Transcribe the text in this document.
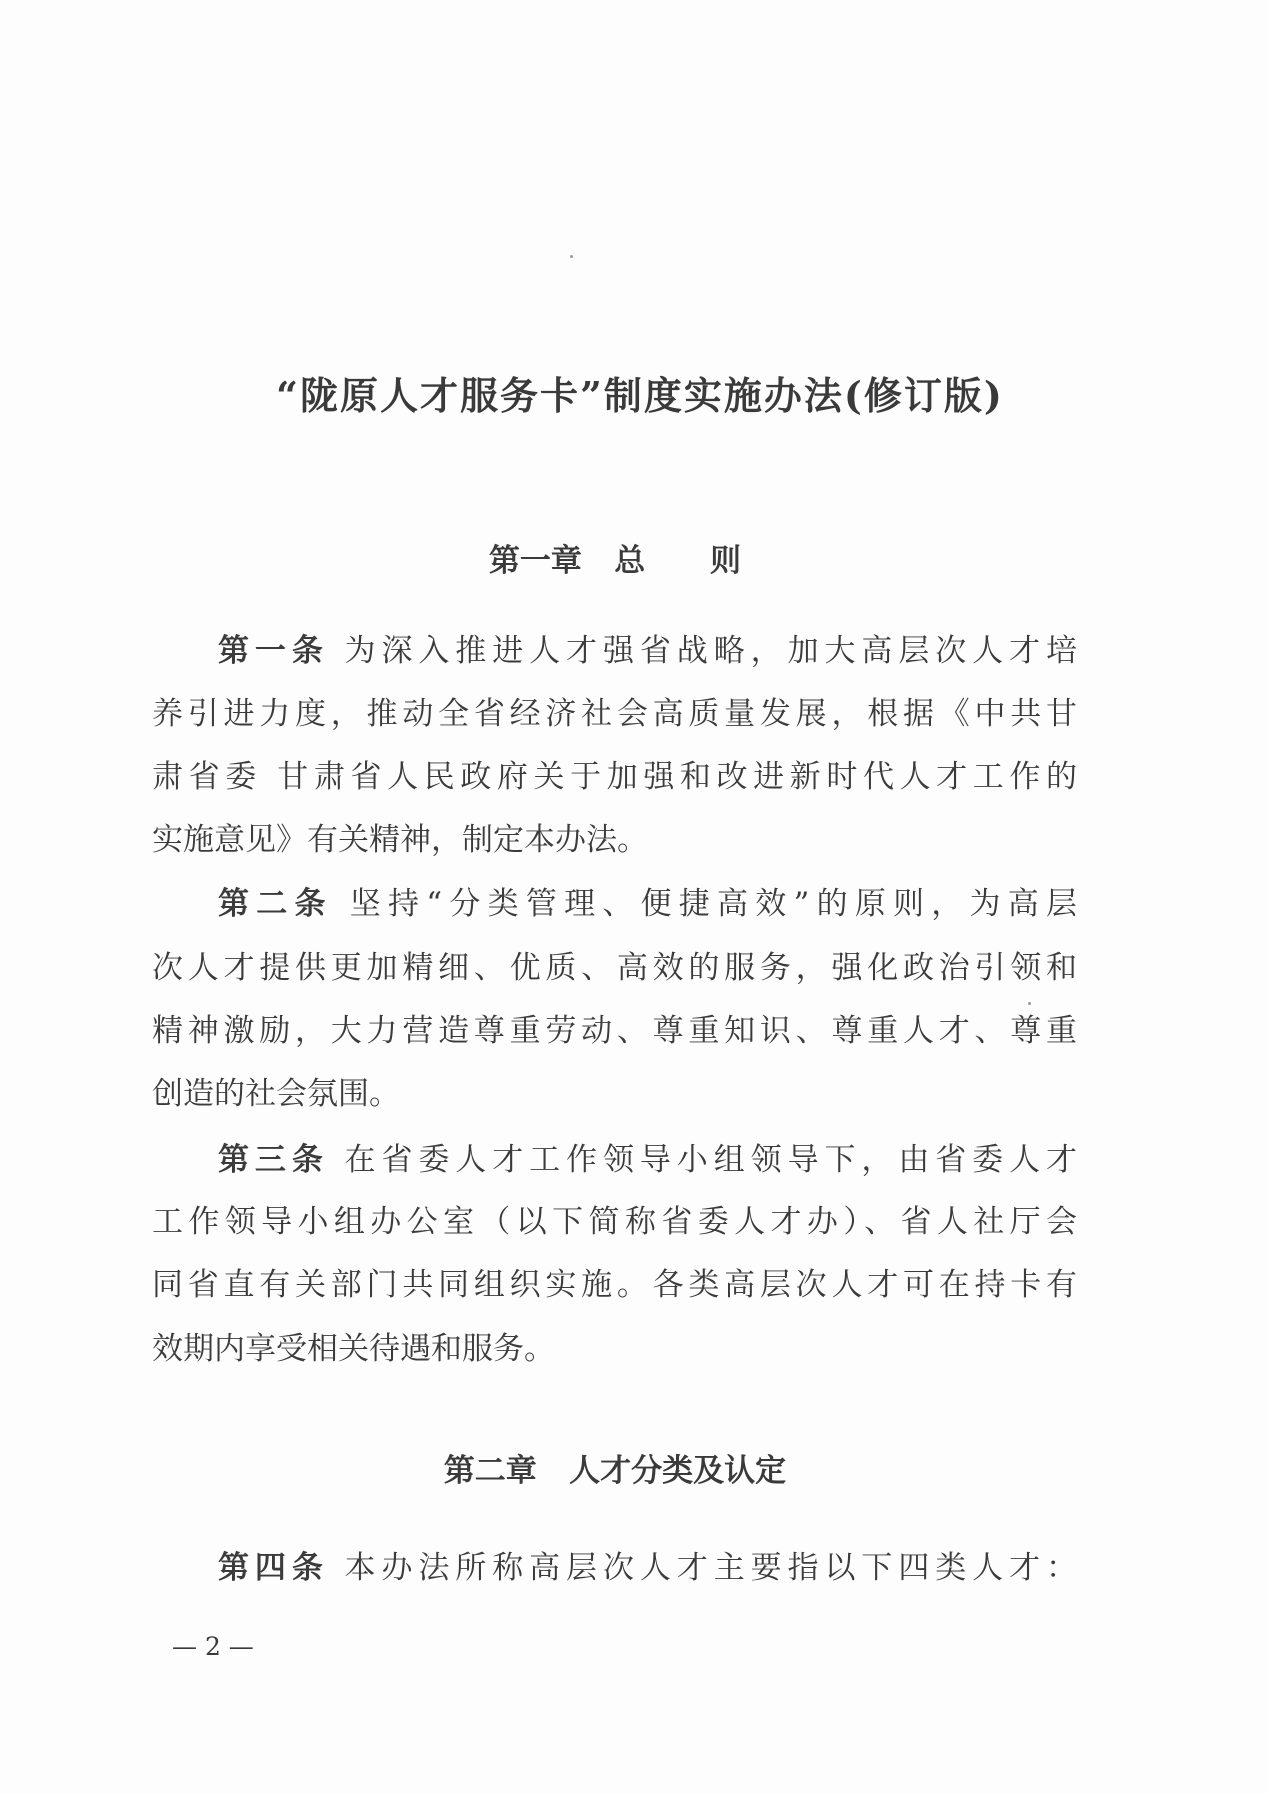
“陇原人才服务卡”制度实施办法(修订版)
第一章   总      则
第一条 为深入推进人才强省战略，加大高层次人才培
养引进力度，推动全省经济社会高质量发展，根据《中共甘
肃省委 甘肃省人民政府关于加强和改进新时代人才工作的
实施意见》有关精神，制定本办法。
第二条 坚持“分类管理、便捷高效”的原则，为高层
次人才提供更加精细、优质、高效的服务，强化政治引领和
精神激励，大力营造尊重劳动、尊重知识、尊重人才、尊重
创造的社会氛围。
第三条 在省委人才工作领导小组领导下，由省委人才
工作领导小组办公室（以下简称省委人才办）、省人社厅会
同省直有关部门共同组织实施。各类高层次人才可在持卡有
效期内享受相关待遇和服务。
第二章   人才分类及认定
第四条 本办法所称高层次人才主要指以下四类人才：
— 2 —
